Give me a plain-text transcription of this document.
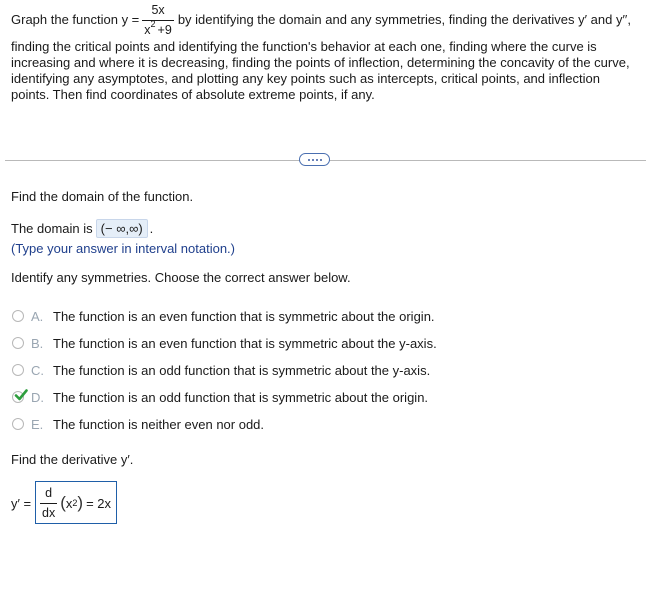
Graph the function $y = \frac{5x}{x^2 +9}$ by identifying the domain and any symmetries, finding the derivatives y′ and y′′,

finding the critical points and identifying the function's behavior at each one, finding where the curve is increasing and where it is decreasing, finding the points of inflection, determining the concavity of the curve, identifying any asymptotes, and plotting any key points such as intercepts, critical points, and inflection points. Then find coordinates of absolute extreme points, if any.

Find the domain of the function.
The domain is (− ∞,∞) .
(Type your answer in interval notation.)
Identify any symmetries. Choose the correct answer below.
A. The function is an even function that is symmetric about the origin.
B. The function is an even function that is symmetric about the y-axis.
C. The function is an odd function that is symmetric about the y-axis.
D. The function is an odd function that is symmetric about the origin.
E. The function is neither even nor odd.
Find the derivative y′.
$y' = \frac{d}{dx}$ ( x 2 ) = 2x
